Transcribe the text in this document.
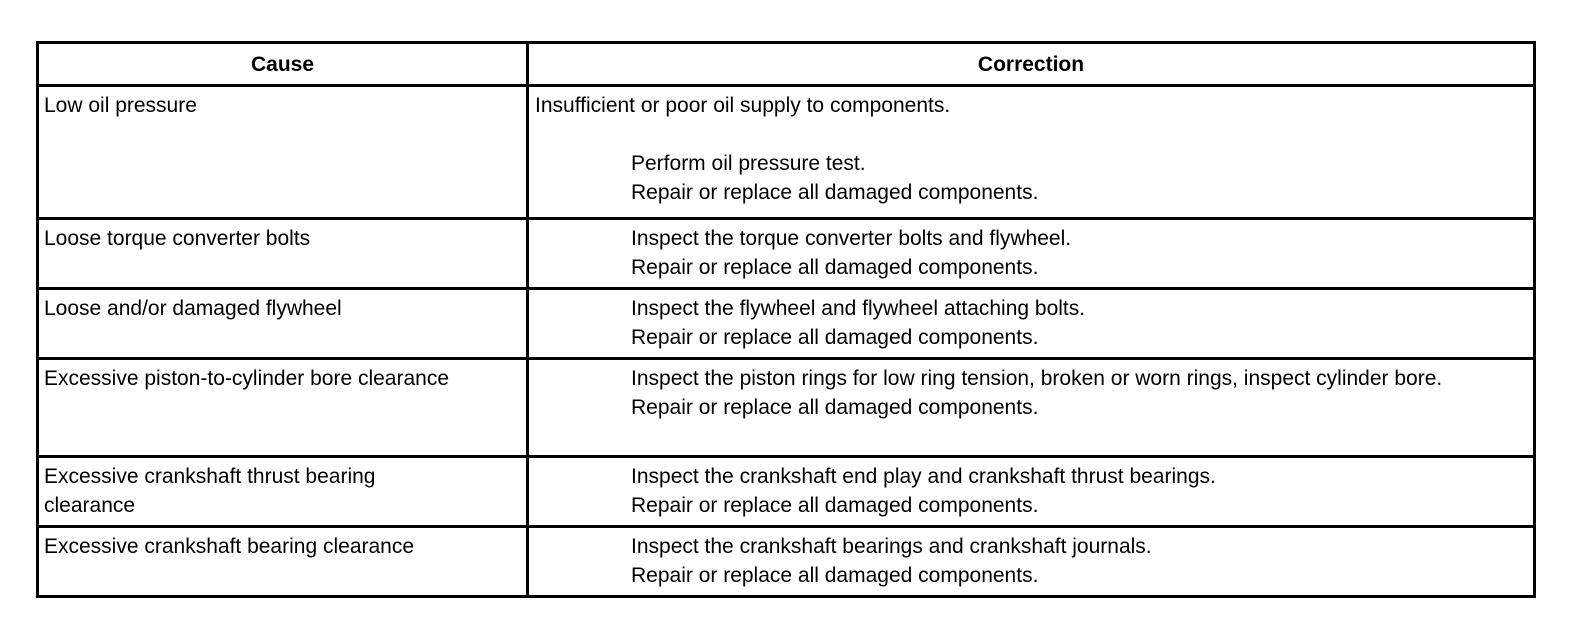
Cause	Correction
Low oil pressure	Insufficient or poor oil supply to components.
Perform oil pressure test.
Repair or replace all damaged components.

Loose torque converter bolts	Inspect the torque converter bolts and flywheel.
Repair or replace all damaged components.

Loose and/or damaged flywheel	Inspect the flywheel and flywheel attaching bolts.
Repair or replace all damaged components.

Excessive piston-to-cylinder bore clearance	Inspect the piston rings for low ring tension, broken or worn rings, inspect cylinder bore.
Repair or replace all damaged components.

Excessive crankshaft thrust bearing clearance	Inspect the crankshaft end play and crankshaft thrust bearings.
Repair or replace all damaged components.

Excessive crankshaft bearing clearance	Inspect the crankshaft bearings and crankshaft journals.
Repair or replace all damaged components.
